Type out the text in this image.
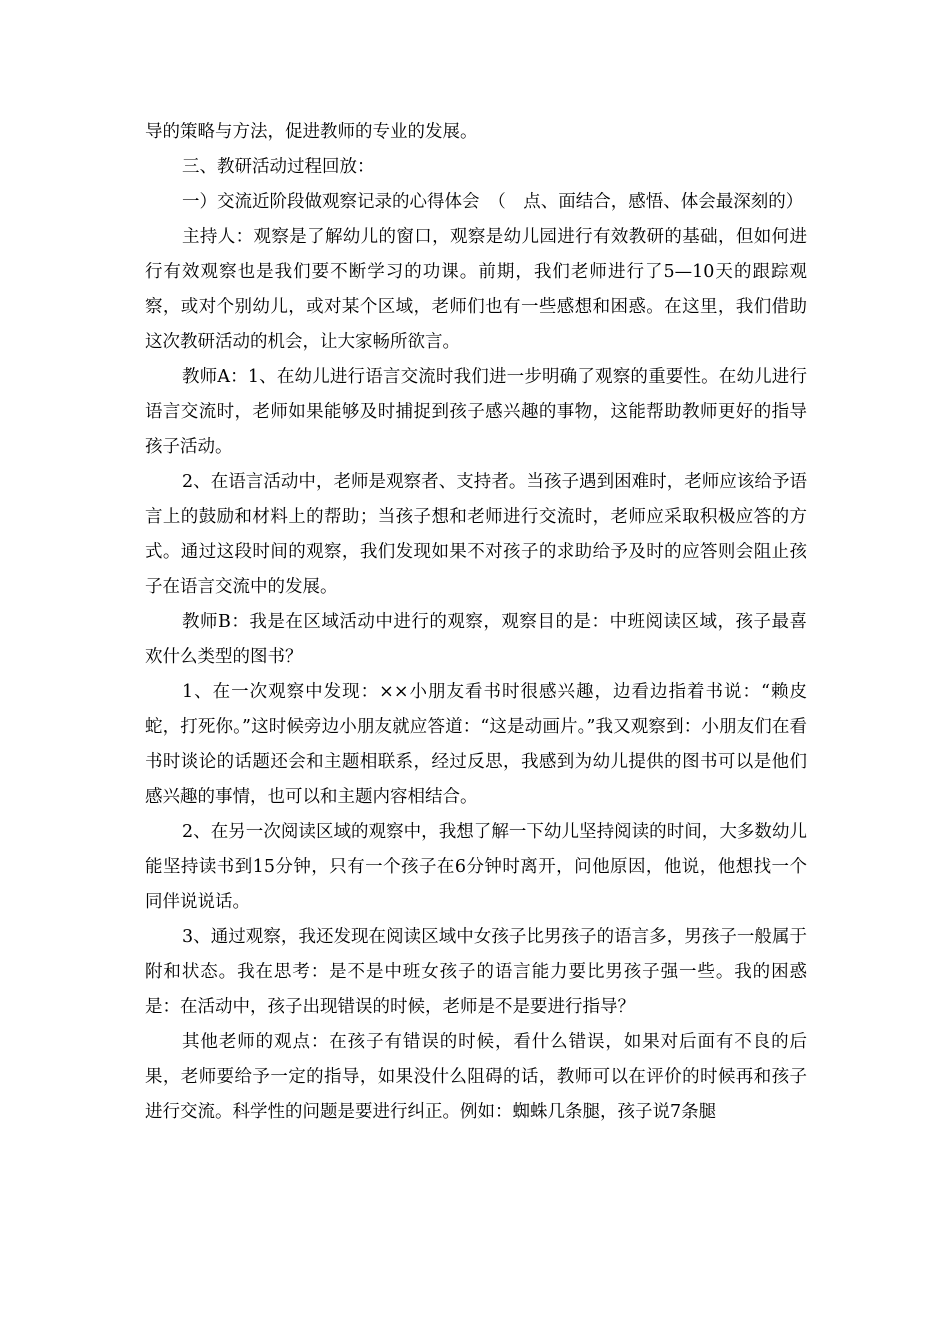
导的策略与方法，促进教师的专业的发展。

三、教研活动过程回放：

一）交流近阶段做观察记录的心得体会　（　点、面结合，感悟、体会最深刻的）

主持人：观察是了解幼儿的窗口，观察是幼儿园进行有效教研的基础，但如何进行有效观察也是我们要不断学习的功课。前期，我们老师进行了5—10天的跟踪观察，或对个别幼儿，或对某个区域，老师们也有一些感想和困惑。在这里，我们借助这次教研活动的机会，让大家畅所欲言。

教师A：1、在幼儿进行语言交流时我们进一步明确了观察的重要性。在幼儿进行语言交流时，老师如果能够及时捕捉到孩子感兴趣的事物，这能帮助教师更好的指导孩子活动。

2、在语言活动中，老师是观察者、支持者。当孩子遇到困难时，老师应该给予语言上的鼓励和材料上的帮助；当孩子想和老师进行交流时，老师应采取积极应答的方式。通过这段时间的观察，我们发现如果不对孩子的求助给予及时的应答则会阻止孩子在语言交流中的发展。

教师B：我是在区域活动中进行的观察，观察目的是：中班阅读区域，孩子最喜欢什么类型的图书？

1、在一次观察中发现：××小朋友看书时很感兴趣，边看边指着书说：“赖皮蛇，打死你。”这时候旁边小朋友就应答道：“这是动画片。”我又观察到：小朋友们在看书时谈论的话题还会和主题相联系，经过反思，我感到为幼儿提供的图书可以是他们感兴趣的事情，也可以和主题内容相结合。

2、在另一次阅读区域的观察中，我想了解一下幼儿坚持阅读的时间，大多数幼儿能坚持读书到15分钟，只有一个孩子在6分钟时离开，问他原因，他说，他想找一个同伴说说话。

3、通过观察，我还发现在阅读区域中女孩子比男孩子的语言多，男孩子一般属于附和状态。我在思考：是不是中班女孩子的语言能力要比男孩子强一些。我的困惑是：在活动中，孩子出现错误的时候，老师是不是要进行指导？

其他老师的观点：在孩子有错误的时候，看什么错误，如果对后面有不良的后果，老师要给予一定的指导，如果没什么阻碍的话，教师可以在评价的时候再和孩子进行交流。科学性的问题是要进行纠正。例如：蜘蛛几条腿，孩子说7条腿
